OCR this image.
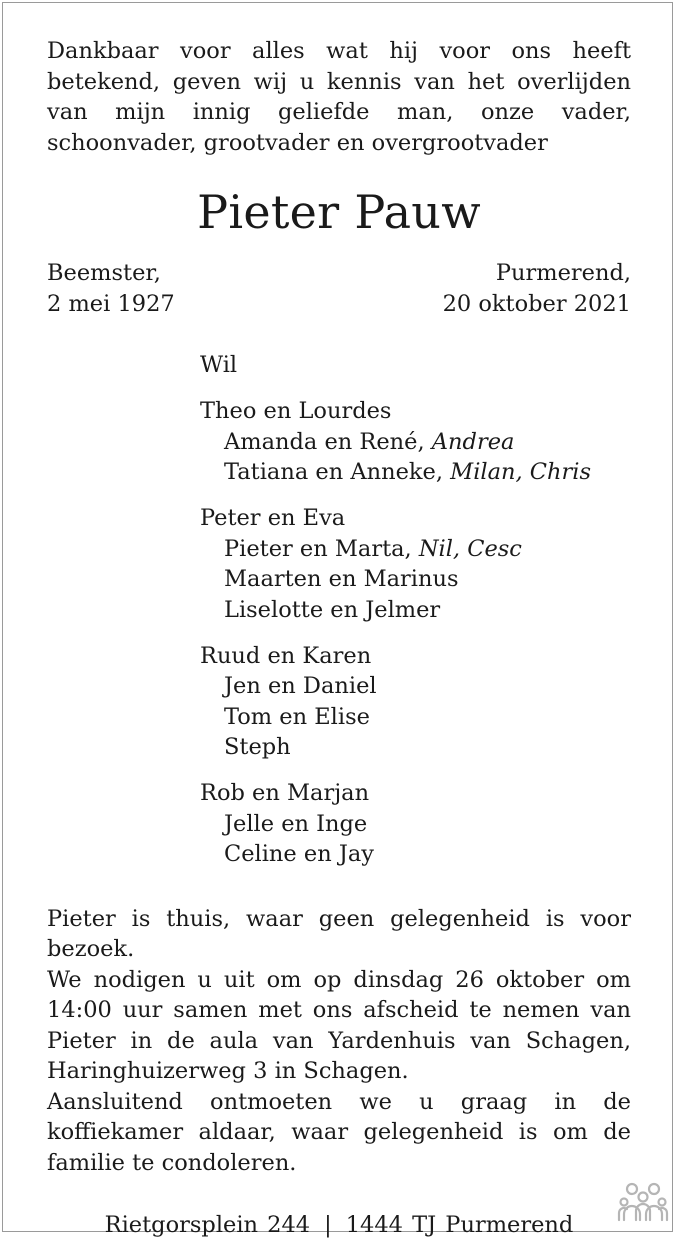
Dankbaar voor alles wat hij voor ons heeft

betekend, geven wij u kennis van het overlijden

van mijn innig geliefde man, onze vader,

schoonvader, grootvader en overgrootvader

Pieter Pauw
Beemster,
2 mei 1927
Purmerend,
20 oktober 2021
Wil
Theo en Lourdes
Amanda en René, Andrea
Tatiana en Anneke, Milan, Chris
Peter en Eva
Pieter en Marta, Nil, Cesc
Maarten en Marinus
Liselotte en Jelmer
Ruud en Karen
Jen en Daniel
Tom en Elise
Steph
Rob en Marjan
Jelle en Inge
Celine en Jay

Pieter is thuis, waar geen gelegenheid is voor bezoek.

We nodigen u uit om op dinsdag 26 oktober om

14:00 uur samen met ons afscheid te nemen van

Pieter in de aula van Yardenhuis van Schagen,

Haringhuizerweg 3 in Schagen.

Aansluitend ontmoeten we u graag in de

koffiekamer aldaar, waar gelegenheid is om de

familie te condoleren.

Rietgorsplein 244 | 1444 TJ Purmerend
